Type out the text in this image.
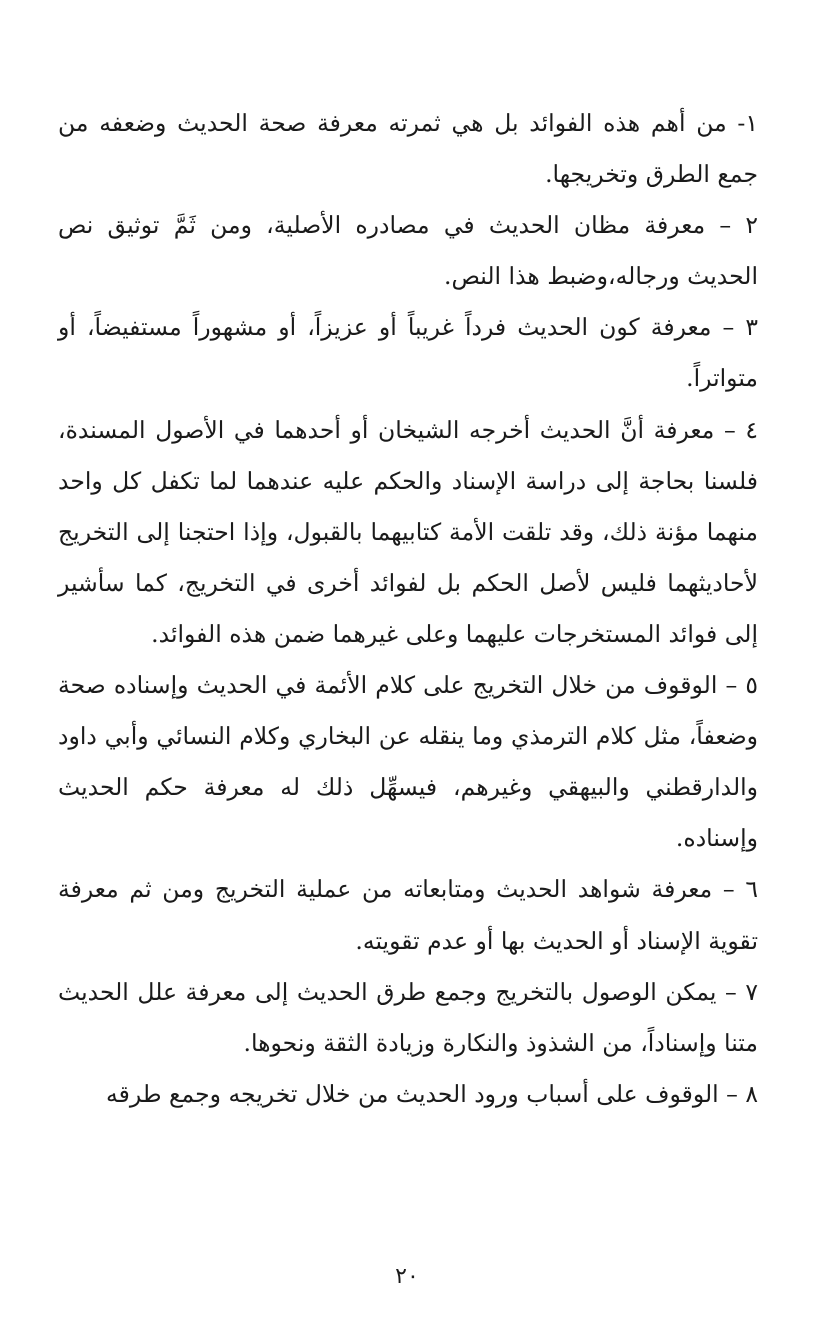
١- من أهم هذه الفوائد بل هي ثمرته معرفة صحة الحديث وضعفه من جمع الطرق وتخريجها.

٢ – معرفة مظان الحديث في مصادره الأصلية، ومن ثَمَّ توثيق نص الحديث ورجاله،وضبط هذا النص.

٣ – معرفة كون الحديث فرداً غريباً أو عزيزاً، أو مشهوراً مستفيضاً، أو متواتراً.

٤ – معرفة أنَّ الحديث أخرجه الشيخان أو أحدهما في الأصول المسندة، فلسنا بحاجة إلى دراسة الإسناد والحكم عليه عندهما لما تكفل كل واحد منهما مؤنة ذلك، وقد تلقت الأمة كتابيهما بالقبول، وإذا احتجنا إلى التخريج لأحاديثهما فليس لأصل الحكم بل لفوائد أخرى في التخريج، كما سأشير إلى فوائد المستخرجات عليهما وعلى غيرهما ضمن هذه الفوائد.

٥ – الوقوف من خلال التخريج على كلام الأئمة في الحديث وإسناده صحة وضعفاً، مثل كلام الترمذي وما ينقله عن البخاري وكلام النسائي وأبي داود والدارقطني والبيهقي وغيرهم، فيسهِّل ذلك له معرفة حكم الحديث وإسناده.

٦ – معرفة شواهد الحديث ومتابعاته من عملية التخريج ومن ثم معرفة تقوية الإسناد أو الحديث بها أو عدم تقويته.

٧ – يمكن الوصول بالتخريج وجمع طرق الحديث إلى معرفة علل الحديث متنا وإسناداً، من الشذوذ والنكارة وزيادة الثقة ونحوها.

٨ – الوقوف على أسباب ورود الحديث من خلال تخريجه وجمع طرقه

٢٠
